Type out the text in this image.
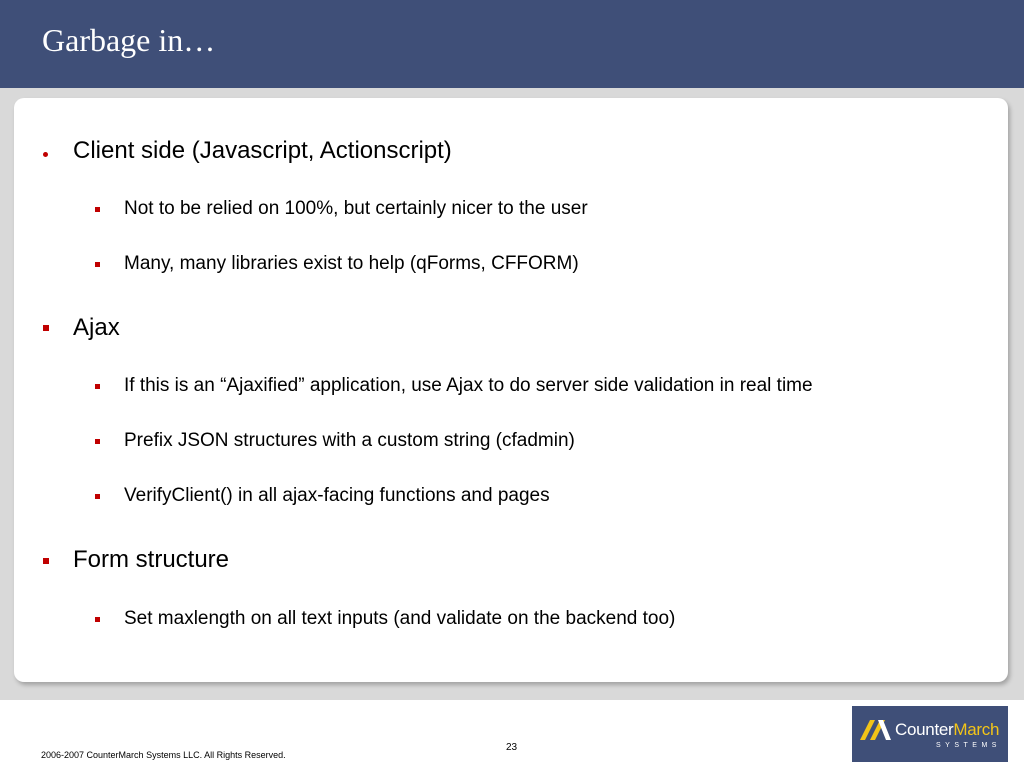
Garbage in…
Client side (Javascript, Actionscript)
Not to be relied on 100%, but certainly nicer to the user
Many, many libraries exist to help (qForms, CFFORM)
Ajax
If this is an “Ajaxified” application, use Ajax to do server side validation in real time
Prefix JSON structures with a custom string (cfadmin)
VerifyClient() in all ajax-facing functions and pages
Form structure
Set maxlength on all text inputs (and validate on the backend too)
23
2006-2007 CounterMarch Systems LLC. All Rights Reserved.
CounterMarch
SYSTEMS
